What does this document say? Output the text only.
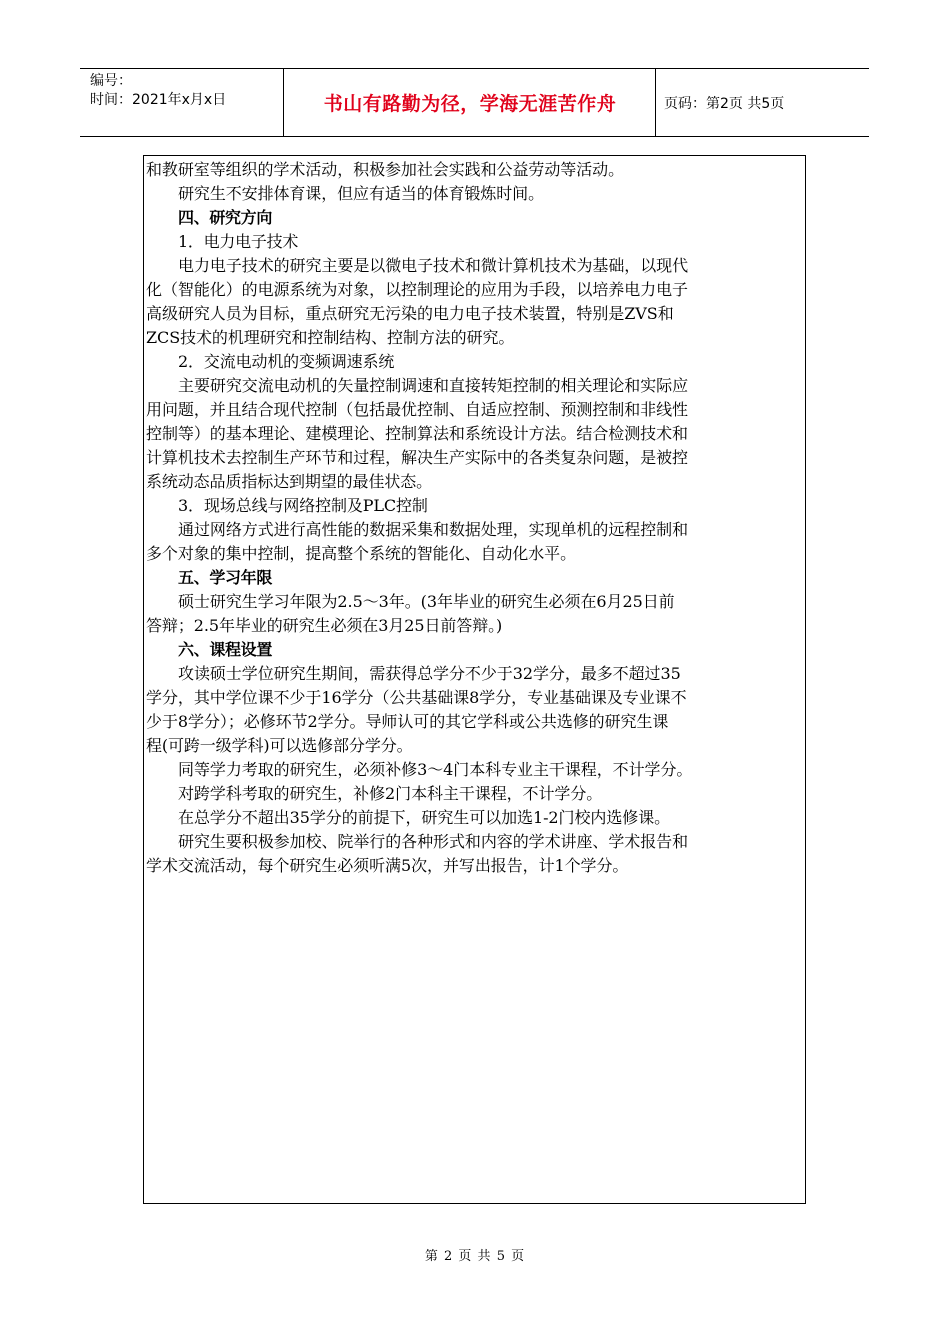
编号：
时间：2021年x月x日	书山有路勤为径，学海无涯苦作舟	页码：第2页 共5页

和教研室等组织的学术活动，积极参加社会实践和公益劳动等活动。

研究生不安排体育课，但应有适当的体育锻炼时间。

四、研究方向

1．电力电子技术

电力电子技术的研究主要是以微电子技术和微计算机技术为基础，以现代

化（智能化）的电源系统为对象，以控制理论的应用为手段，以培养电力电子

高级研究人员为目标，重点研究无污染的电力电子技术装置，特别是ZVS和

ZCS技术的机理研究和控制结构、控制方法的研究。

2．交流电动机的变频调速系统

主要研究交流电动机的矢量控制调速和直接转矩控制的相关理论和实际应

用问题，并且结合现代控制（包括最优控制、自适应控制、预测控制和非线性

控制等）的基本理论、建模理论、控制算法和系统设计方法。结合检测技术和

计算机技术去控制生产环节和过程，解决生产实际中的各类复杂问题，是被控

系统动态品质指标达到期望的最佳状态。

3．现场总线与网络控制及PLC控制

通过网络方式进行高性能的数据采集和数据处理，实现单机的远程控制和

多个对象的集中控制，提高整个系统的智能化、自动化水平。

五、学习年限

硕士研究生学习年限为2.5～3年。(3年毕业的研究生必须在6月25日前

答辩；2.5年毕业的研究生必须在3月25日前答辩。)

六、课程设置

攻读硕士学位研究生期间，需获得总学分不少于32学分，最多不超过35

学分，其中学位课不少于16学分（公共基础课8学分，专业基础课及专业课不

少于8学分）；必修环节2学分。导师认可的其它学科或公共选修的研究生课

程(可跨一级学科)可以选修部分学分。

同等学力考取的研究生，必须补修3～4门本科专业主干课程，不计学分。

对跨学科考取的研究生，补修2门本科主干课程，不计学分。

在总学分不超出35学分的前提下，研究生可以加选1-2门校内选修课。

研究生要积极参加校、院举行的各种形式和内容的学术讲座、学术报告和

学术交流活动，每个研究生必须听满5次，并写出报告，计1个学分。

第 2 页 共 5 页
